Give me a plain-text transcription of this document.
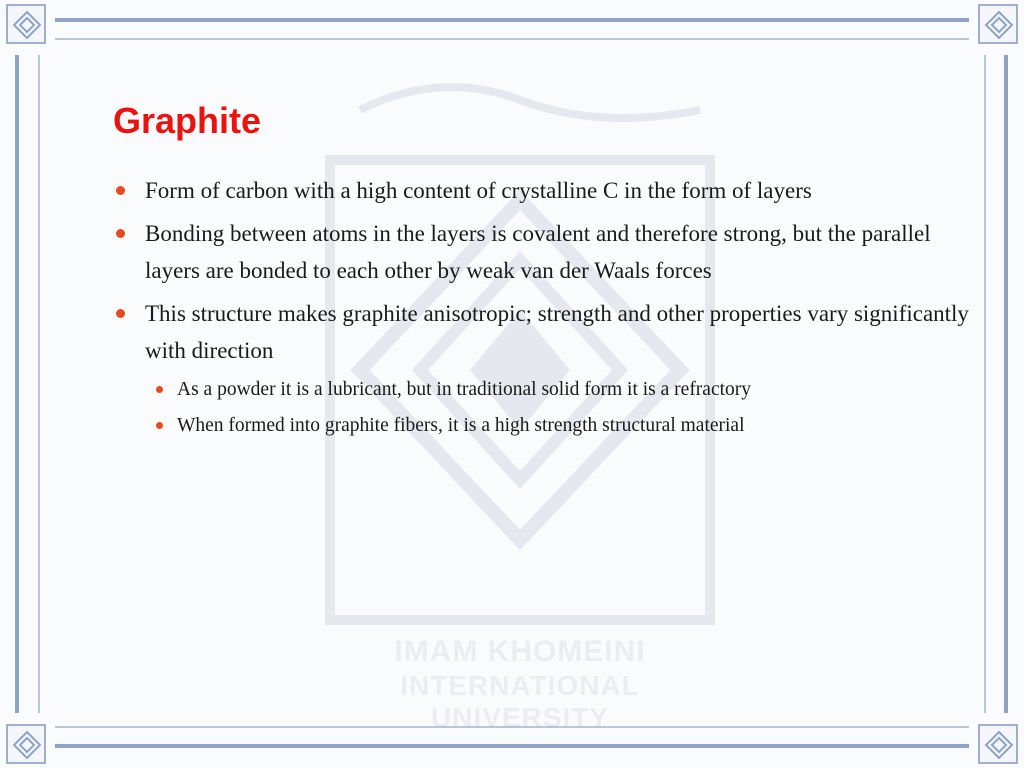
IMAM KHOMEINI
INTERNATIONAL UNIVERSITY
Graphite
Form of carbon with a high content of crystalline C in the form of layers
Bonding between atoms in the layers is covalent and therefore strong, but the parallel layers are bonded to each other by weak van der Waals forces
This structure makes graphite anisotropic; strength and other properties vary significantly with direction
As a powder it is a lubricant, but in traditional solid form it is a refractory
When formed into graphite fibers, it is a high strength structural material
